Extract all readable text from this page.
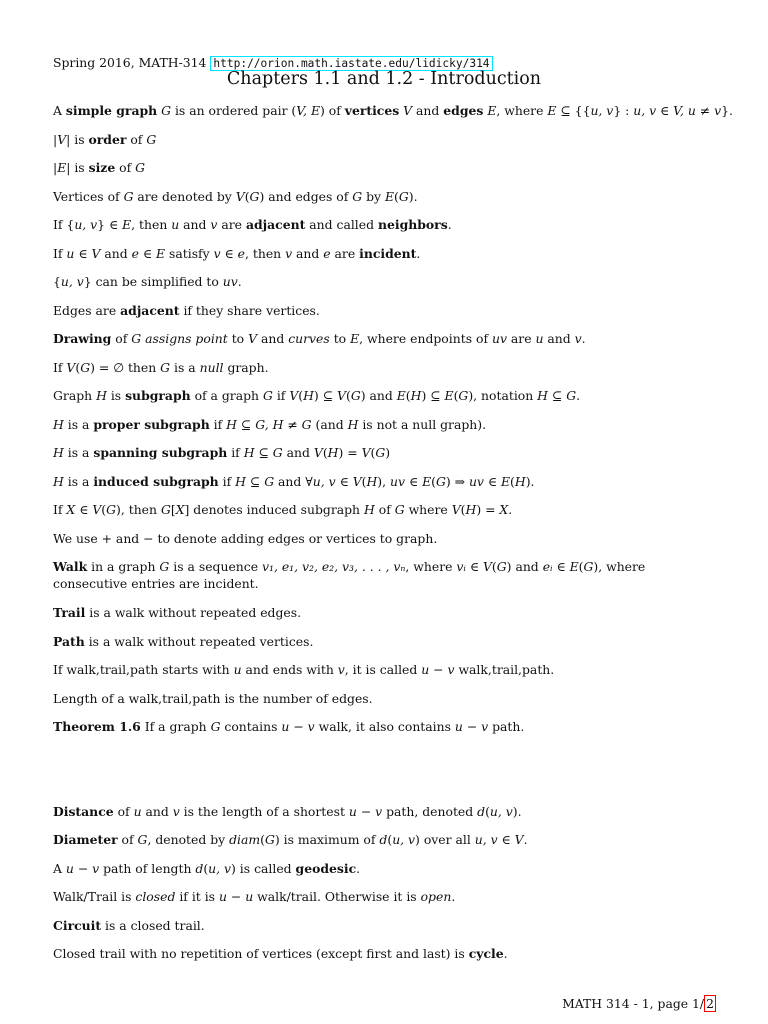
Spring 2016, MATH-314 http://orion.math.iastate.edu/lidicky/314
Chapters 1.1 and 1.2 - Introduction
A simple graph G is an ordered pair (V, E) of vertices V and edges E, where E ⊆ {{u, v} : u, v ∈ V, u ≠ v}.
|V| is order of G
|E| is size of G
Vertices of G are denoted by V(G) and edges of G by E(G).
If {u, v} ∈ E, then u and v are adjacent and called neighbors.
If u ∈ V and e ∈ E satisfy v ∈ e, then v and e are incident.
{u, v} can be simplified to uv.
Edges are adjacent if they share vertices.
Drawing of G assigns point to V and curves to E, where endpoints of uv are u and v.
If V(G) = ∅ then G is a null graph.
Graph H is subgraph of a graph G if V(H) ⊆ V(G) and E(H) ⊆ E(G), notation H ⊆ G.
H is a proper subgraph if H ⊆ G, H ≠ G (and H is not a null graph).
H is a spanning subgraph if H ⊆ G and V(H) = V(G)
H is a induced subgraph if H ⊆ G and ∀u, v ∈ V(H), uv ∈ E(G) ⇒ uv ∈ E(H).
If X ∈ V(G), then G[X] denotes induced subgraph H of G where V(H) = X.
We use + and − to denote adding edges or vertices to graph.
Walk in a graph G is a sequence v₁, e₁, v₂, e₂, v₃, . . . , vₙ, where vᵢ ∈ V(G) and eᵢ ∈ E(G), where consecutive entries are incident.
Trail is a walk without repeated edges.
Path is a walk without repeated vertices.
If walk,trail,path starts with u and ends with v, it is called u − v walk,trail,path.
Length of a walk,trail,path is the number of edges.
Theorem 1.6 If a graph G contains u − v walk, it also contains u − v path.
Distance of u and v is the length of a shortest u − v path, denoted d(u, v).
Diameter of G, denoted by diam(G) is maximum of d(u, v) over all u, v ∈ V.
A u − v path of length d(u, v) is called geodesic.
Walk/Trail is closed if it is u − u walk/trail. Otherwise it is open.
Circuit is a closed trail.
Closed trail with no repetition of vertices (except first and last) is cycle.
MATH 314 - 1, page 1/ 2
